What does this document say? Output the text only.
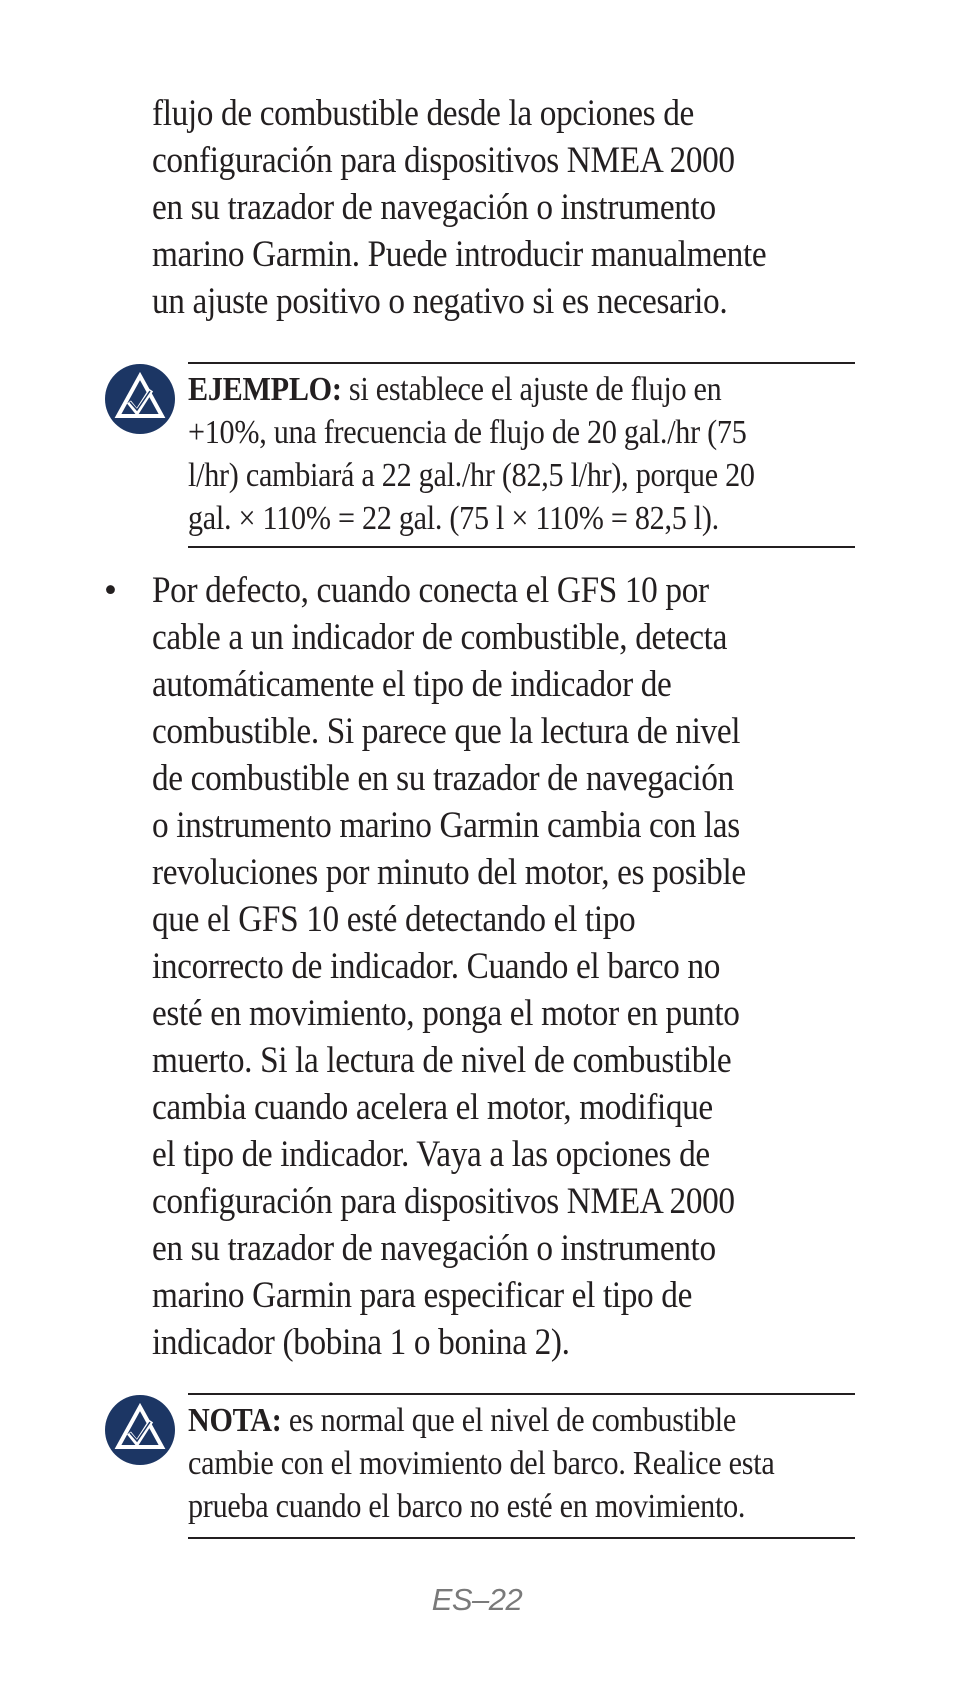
flujo de combustible desde la opciones de
configuración para dispositivos NMEA 2000
en su trazador de navegación o instrumento
marino Garmin. Puede introducir manualmente
un ajuste positivo o negativo si es necesario.
EJEMPLO: si establece el ajuste de flujo en
+10%, una frecuencia de flujo de 20 gal./hr (75
l/hr) cambiará a 22 gal./hr (82,5 l/hr), porque 20
gal. × 110% = 22 gal. (75 l × 110% = 82,5 l).
• Por defecto, cuando conecta el GFS 10 por
cable a un indicador de combustible, detecta
automáticamente el tipo de indicador de
combustible. Si parece que la lectura de nivel
de combustible en su trazador de navegación
o instrumento marino Garmin cambia con las
revoluciones por minuto del motor, es posible
que el GFS 10 esté detectando el tipo
incorrecto de indicador. Cuando el barco no
esté en movimiento, ponga el motor en punto
muerto. Si la lectura de nivel de combustible
cambia cuando acelera el motor, modifique
el tipo de indicador. Vaya a las opciones de
configuración para dispositivos NMEA 2000
en su trazador de navegación o instrumento
marino Garmin para especificar el tipo de
indicador (bobina 1 o bonina 2).
NOTA: es normal que el nivel de combustible
cambie con el movimiento del barco. Realice esta
prueba cuando el barco no esté en movimiento.
ES–22
